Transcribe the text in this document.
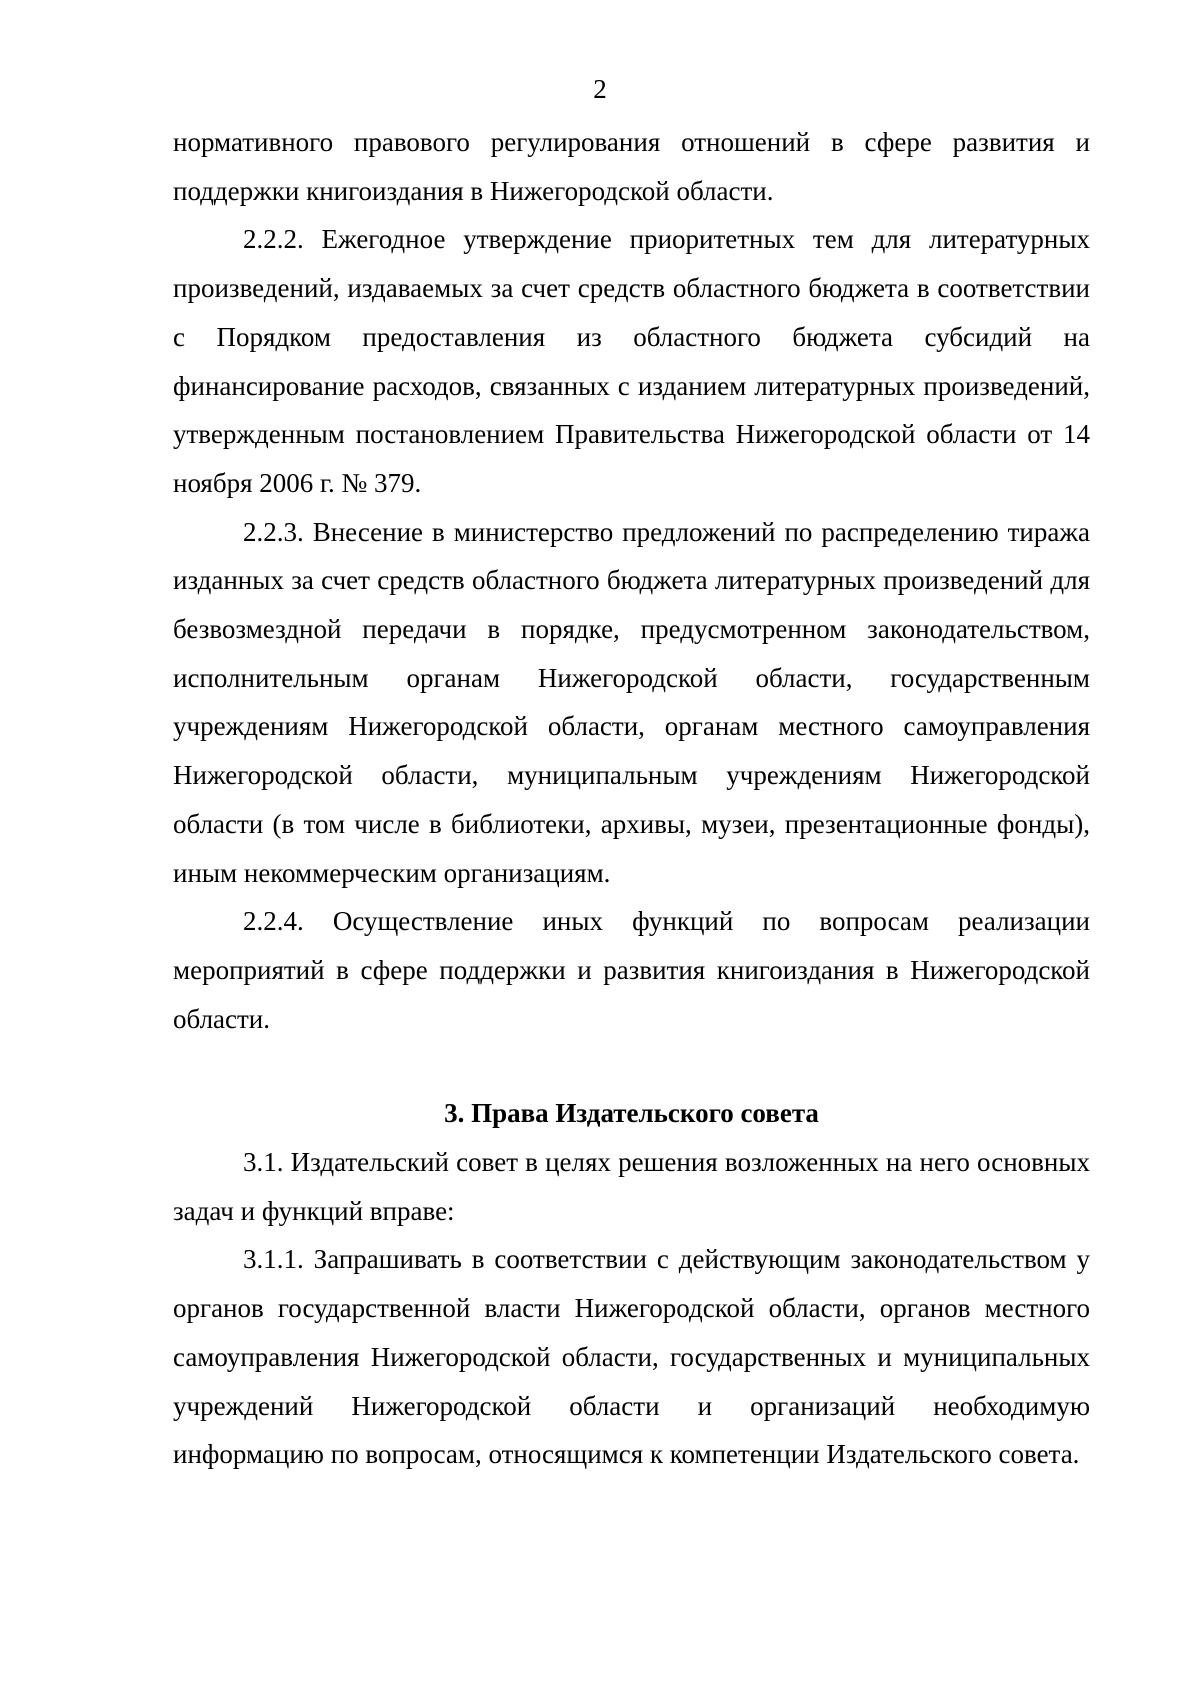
2

нормативного правового регулирования отношений в сфере развития и поддержки книгоиздания в Нижегородской области.

2.2.2. Ежегодное утверждение приоритетных тем для литературных произведений, издаваемых за счет средств областного бюджета в соответствии с Порядком предоставления из областного бюджета субсидий на финансирование расходов, связанных с изданием литературных произведений, утвержденным постановлением Правительства Нижегородской области от 14 ноября 2006 г. № 379.

2.2.3. Внесение в министерство предложений по распределению тиража изданных за счет средств областного бюджета литературных произведений для безвозмездной передачи в порядке, предусмотренном законодательством, исполнительным органам Нижегородской области, государственным учреждениям Нижегородской области, органам местного самоуправления Нижегородской области, муниципальным учреждениям Нижегородской области (в том числе в библиотеки, архивы, музеи, презентационные фонды), иным некоммерческим организациям.

2.2.4. Осуществление иных функций по вопросам реализации мероприятий в сфере поддержки и развития книгоиздания в Нижегородской области.

3. Права Издательского совета

3.1. Издательский совет в целях решения возложенных на него основных задач и функций вправе:

3.1.1. Запрашивать в соответствии с действующим законодательством у органов государственной власти Нижегородской области, органов местного самоуправления Нижегородской области, государственных и муниципальных учреждений Нижегородской области и организаций необходимую информацию по вопросам, относящимся к компетенции Издательского совета.
